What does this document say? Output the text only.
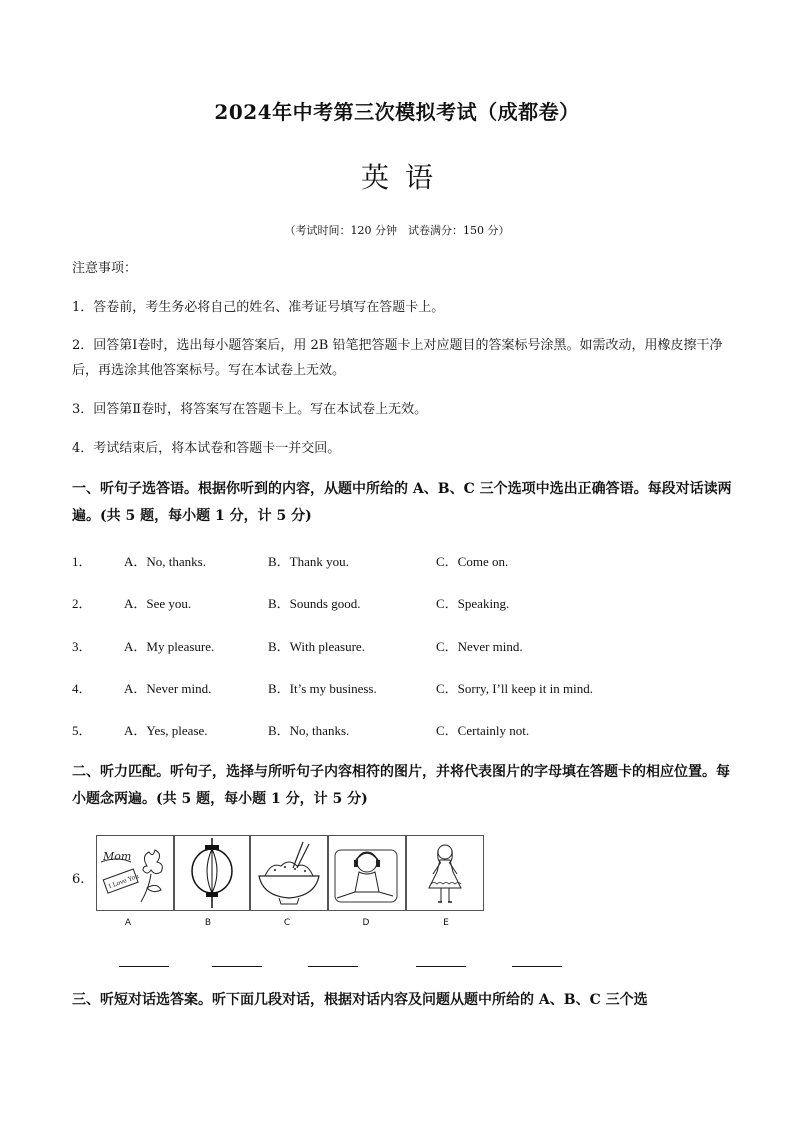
2024年中考第三次模拟考试（成都卷）
英语
（考试时间：120 分钟　试卷满分：150 分）
注意事项：
1．答卷前，考生务必将自己的姓名、准考证号填写在答题卡上。
2．回答第Ⅰ卷时，选出每小题答案后，用 2B 铅笔把答题卡上对应题目的答案标号涂黑。如需改动，用橡皮擦干净后，再选涂其他答案标号。写在本试卷上无效。
3．回答第Ⅱ卷时，将答案写在答题卡上。写在本试卷上无效。
4．考试结束后，将本试卷和答题卡一并交回。
一、听句子选答语。根据你听到的内容，从题中所给的 A、B、C 三个选项中选出正确答语。每段对话读两遍。(共 5 题，每小题 1 分，计 5 分)
1． A．No, thanks.	B．Thank you.	C．Come on.
2． A．See you.	B．Sounds good.	C．Speaking.
3． A．My pleasure.	B．With pleasure.	C．Never mind.
4． A．Never mind.	B．It’s my business.	C．Sorry, I’ll keep it in mind.
5． A．Yes, please.	B．No, thanks.	C．Certainly not.
二、听力匹配。听句子，选择与所听句子内容相符的图片，并将代表图片的字母填在答题卡的相应位置。每小题念两遍。(共 5 题，每小题 1 分，计 5 分)
6.
Mom
I Love You
A	B	C	D	E
三、听短对话选答案。听下面几段对话，根据对话内容及问题从题中所给的 A、B、C 三个选
